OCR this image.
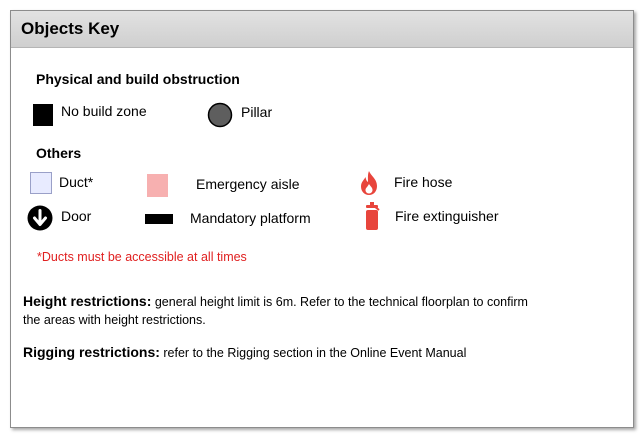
Objects Key
Physical and build obstruction
No build zone	Pillar
Others
Duct*	Emergency aisle	Fire hose
Door	Mandatory platform	Fire extinguisher
*Ducts must be accessible at all times
Height restrictions: general height limit is 6m. Refer to the technical floorplan to confirm the areas with height restrictions.
Rigging restrictions: refer to the Rigging section in the Online Event Manual
